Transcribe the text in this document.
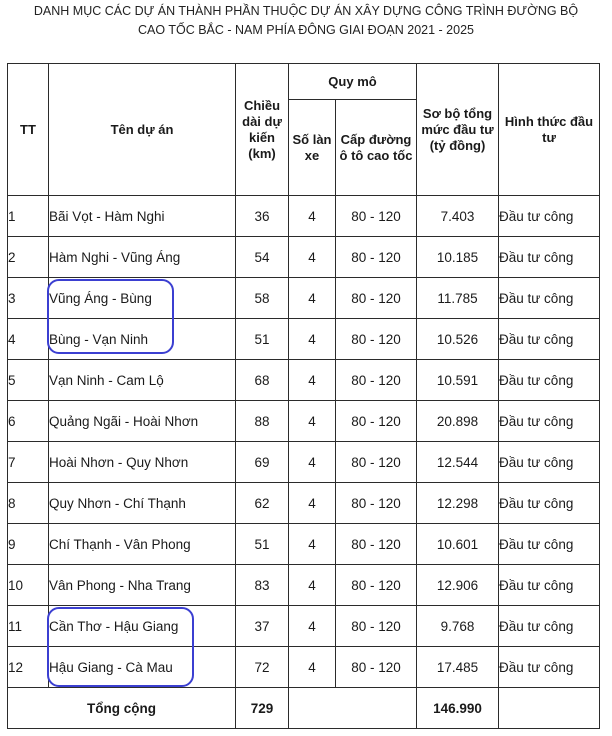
DANH MỤC CÁC DỰ ÁN THÀNH PHẦN THUỘC DỰ ÁN XÂY DỰNG CÔNG TRÌNH ĐƯỜNG BỘ
CAO TỐC BẮC - NAM PHÍA ĐÔNG GIAI ĐOẠN 2021 - 2025
TT	Tên dự án	Chiều dài dự kiến (km)	Quy mô		Sơ bộ tổng mức đầu tư (tỷ đồng)	Hình thức đầu tư
			Số làn xe	Cấp đường ô tô cao tốc		
1	Bãi Vọt - Hàm Nghi	36	4	80 - 120	7.403	Đầu tư công
2	Hàm Nghi - Vũng Áng	54	4	80 - 120	10.185	Đầu tư công
3	Vũng Áng - Bùng	58	4	80 - 120	11.785	Đầu tư công
4	Bùng - Vạn Ninh	51	4	80 - 120	10.526	Đầu tư công
5	Vạn Ninh - Cam Lộ	68	4	80 - 120	10.591	Đầu tư công
6	Quảng Ngãi - Hoài Nhơn	88	4	80 - 120	20.898	Đầu tư công
7	Hoài Nhơn - Quy Nhơn	69	4	80 - 120	12.544	Đầu tư công
8	Quy Nhơn - Chí Thạnh	62	4	80 - 120	12.298	Đầu tư công
9	Chí Thạnh - Vân Phong	51	4	80 - 120	10.601	Đầu tư công
10	Vân Phong - Nha Trang	83	4	80 - 120	12.906	Đầu tư công
11	Cần Thơ - Hậu Giang	37	4	80 - 120	9.768	Đầu tư công
12	Hậu Giang - Cà Mau	72	4	80 - 120	17.485	Đầu tư công
Tổng cộng		729			146.990	
